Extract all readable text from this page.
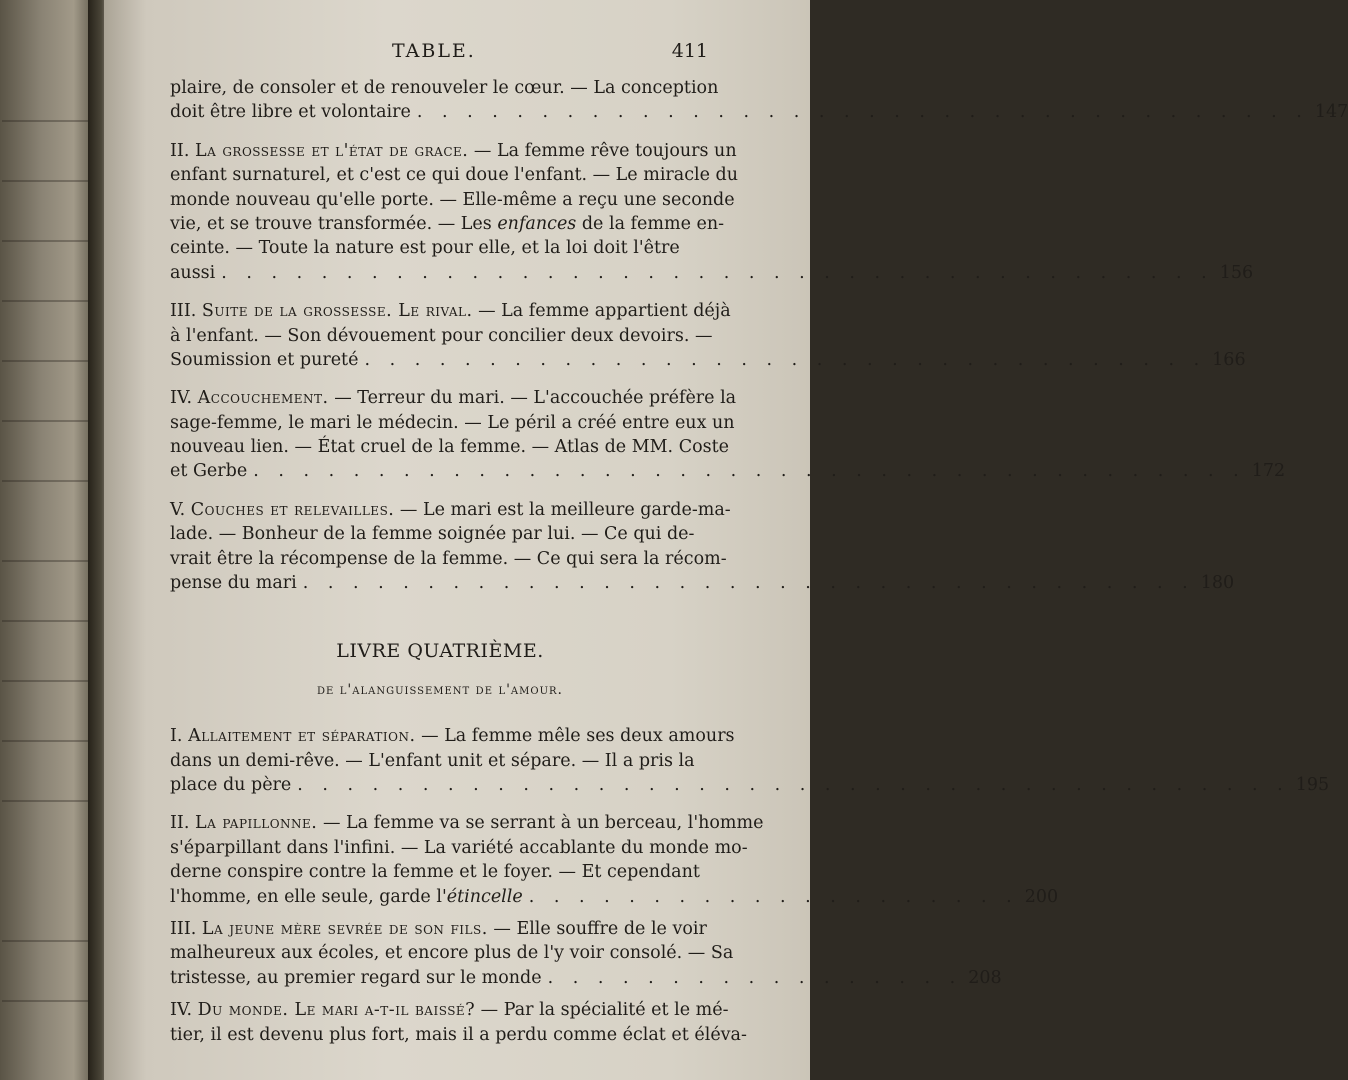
TABLE.	411
plaire, de consoler et de renouveler le cœur. — La conception
doit être libre et volontaire . . . . . . . . . . . . . . . . . . . . . . . . . . . . . . . . . . . . 147
II. La grossesse et l'état de grace. — La femme rêve toujours un
enfant surnaturel, et c'est ce qui doue l'enfant. — Le miracle du
monde nouveau qu'elle porte. — Elle-même a reçu une seconde
vie, et se trouve transformée. — Les enfances de la femme en-
ceinte. — Toute la nature est pour elle, et la loi doit l'être
aussi . . . . . . . . . . . . . . . . . . . . . . . . . . . . . . . . . . . . . . . . 156
III. Suite de la grossesse. Le rival. — La femme appartient déjà
à l'enfant. — Son dévouement pour concilier deux devoirs. —
Soumission et pureté . . . . . . . . . . . . . . . . . . . . . . . . . . . . . . . . . . 166
IV. Accouchement. — Terreur du mari. — L'accouchée préfère la
sage-femme, le mari le médecin. — Le péril a créé entre eux un
nouveau lien. — État cruel de la femme. — Atlas de MM. Coste
et Gerbe . . . . . . . . . . . . . . . . . . . . . . . . . . . . . . . . . . . . . . . . 172
V. Couches et relevailles. — Le mari est la meilleure garde-ma-
lade. — Bonheur de la femme soignée par lui. — Ce qui de-
vrait être la récompense de la femme. — Ce qui sera la récom-
pense du mari . . . . . . . . . . . . . . . . . . . . . . . . . . . . . . . . . . . . 180
LIVRE QUATRIÈME.
de l'alanguissement de l'amour.
I. Allaitement et séparation. — La femme mêle ses deux amours
dans un demi-rêve. — L'enfant unit et sépare. — Il a pris la
place du père . . . . . . . . . . . . . . . . . . . . . . . . . . . . . . . . . . . . . . . . 195
II. La papillonne. — La femme va se serrant à un berceau, l'homme
s'éparpillant dans l'infini. — La variété accablante du monde mo-
derne conspire contre la femme et le foyer. — Et cependant
l'homme, en elle seule, garde l'étincelle . . . . . . . . . . . . . . . . . . . . 200
III. La jeune mère sevrée de son fils. — Elle souffre de le voir
malheureux aux écoles, et encore plus de l'y voir consolé. — Sa
tristesse, au premier regard sur le monde . . . . . . . . . . . . . . . . . 208
IV. Du monde. Le mari a-t-il baissé? — Par la spécialité et le mé-
tier, il est devenu plus fort, mais il a perdu comme éclat et éléva-
